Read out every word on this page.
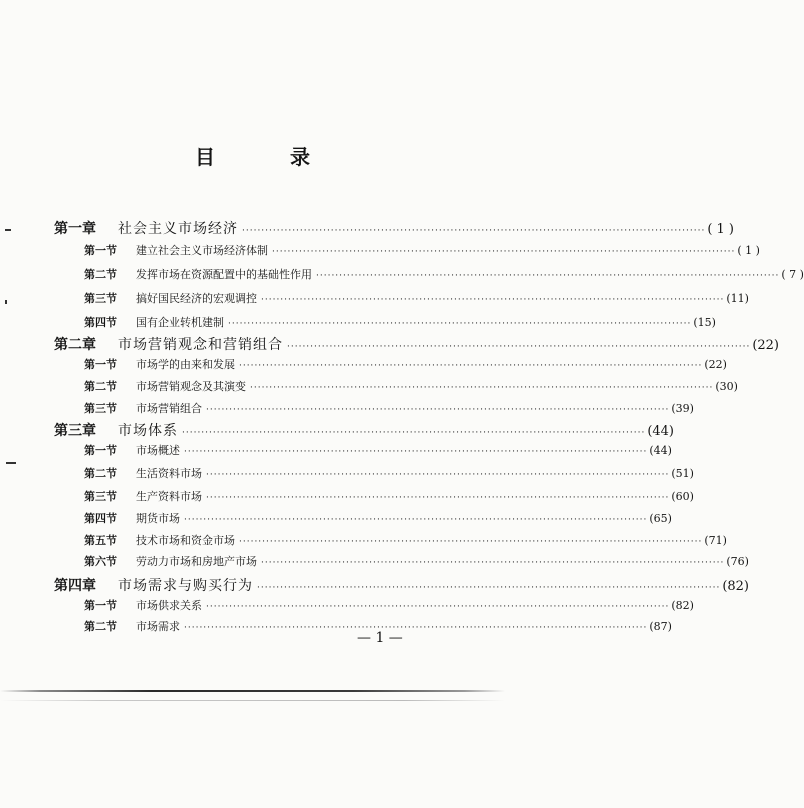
目 录
第一章	社会主义市场经济 ························································································································ ( 1 )
第一节	建立社会主义市场经济体制 ························································································································ ( 1 )
第二节	发挥市场在资源配置中的基础性作用 ························································································································ ( 7 )
第三节	搞好国民经济的宏观调控 ························································································································ (11)
第四节	国有企业转机建制 ························································································································ (15)
第二章	市场营销观念和营销组合 ························································································································ (22)
第一节	市场学的由来和发展 ························································································································ (22)
第二节	市场营销观念及其演变 ························································································································ (30)
第三节	市场营销组合 ························································································································ (39)
第三章	市场体系 ························································································································ (44)
第一节	市场概述 ························································································································ (44)
第二节	生活资料市场 ························································································································ (51)
第三节	生产资料市场 ························································································································ (60)
第四节	期货市场 ························································································································ (65)
第五节	技术市场和资金市场 ························································································································ (71)
第六节	劳动力市场和房地产市场 ························································································································ (76)
第四章	市场需求与购买行为 ························································································································ (82)
第一节	市场供求关系 ························································································································ (82)
第二节	市场需求 ························································································································ (87)
— 1 —
